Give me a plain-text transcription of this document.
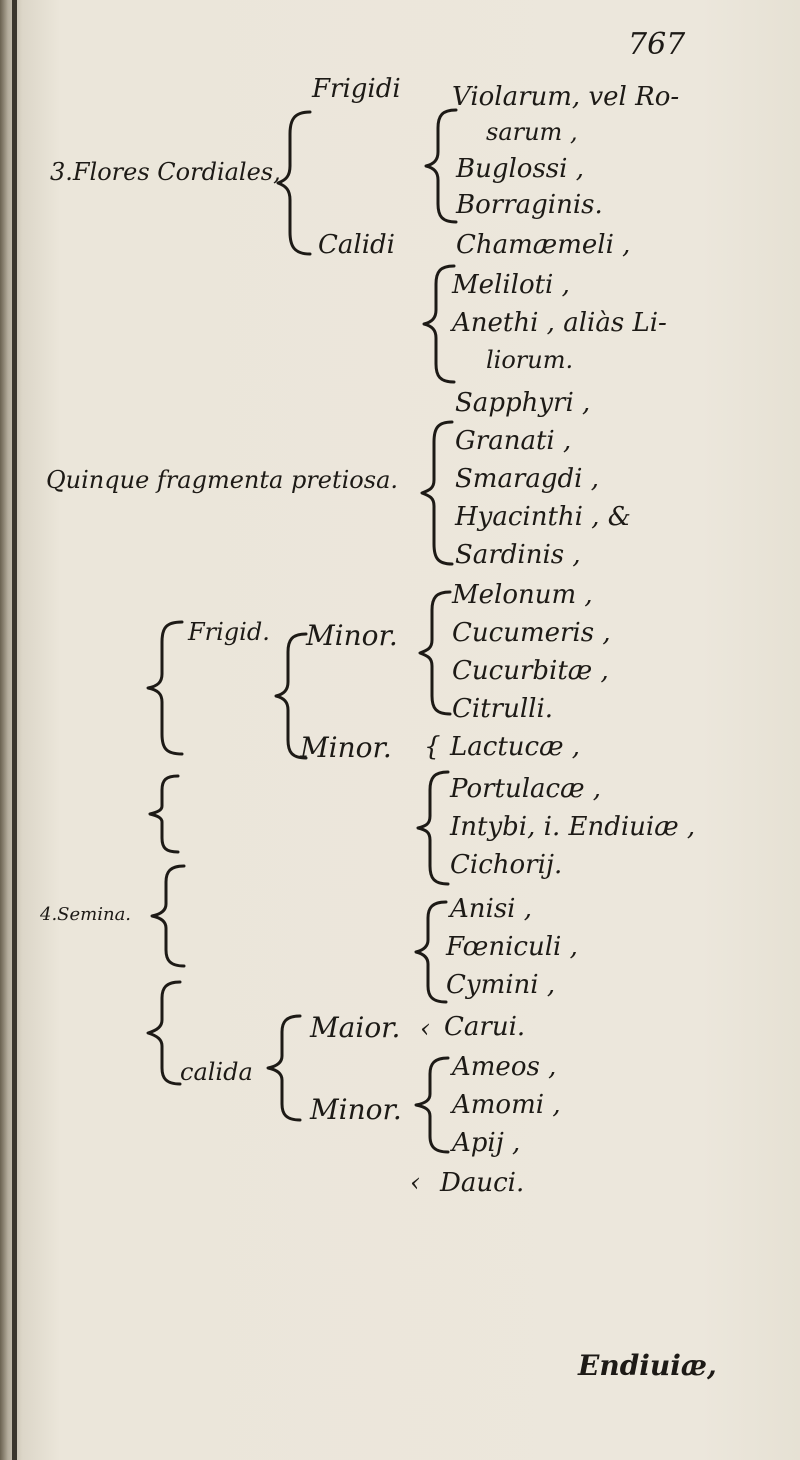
767
3.Flores Cordiales,
Frigidi
Calidi
Violarum, vel Ro-
sarum ,
Buglossi ,
Borraginis.
Chamæmeli ,
Meliloti ,
Anethi , aliàs Li-
liorum.
Sapphyri ,
Quinque fragmenta pretiosa.
Granati ,
Smaragdi ,
Hyacinthi , &
Sardinis ,
4.Semina.
Frigid. Minor.
Melonum ,
Cucumeris ,
Cucurbitæ ,
Citrulli.
Minor. { Lactucæ ,
Portulacæ ,
Intybi, i. Endiuiæ ,
Cichorij.
Anisi ,
Fœniculi ,
Cymini ,
calida
Maior. ‹ Carui.
Minor.
Ameos ,
Amomi ,
Apij ,
‹ Dauci.
Endiuiæ,
